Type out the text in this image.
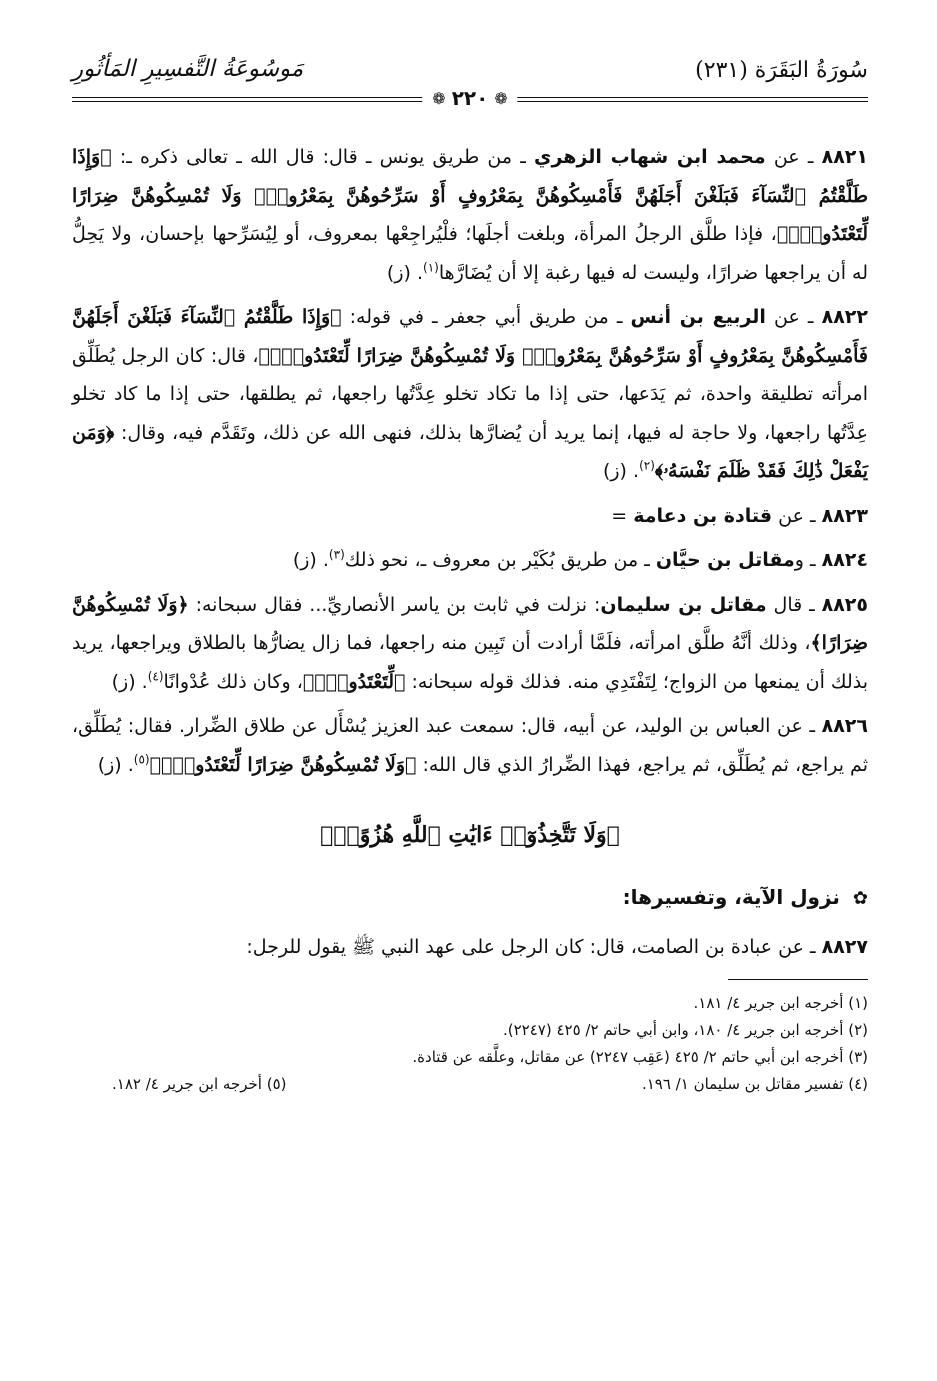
سُورَةُ البَقَرَة (٢٣١)
مَوسُوعَةُ التَّفسِيرِ المَأثُورِ
❁
٢٢٠
❁

٨٨٢١ ـ عن محمد ابن شهاب الزهري ـ من طريق يونس ـ قال: قال الله ـ تعالى ذكره ـ: ﴿وَإِذَا طَلَّقْتُمُ ٱلنِّسَآءَ فَبَلَغْنَ أَجَلَهُنَّ فَأَمْسِكُوهُنَّ بِمَعْرُوفٍ أَوْ سَرِّحُوهُنَّ بِمَعْرُوفٍۚ وَلَا تُمْسِكُوهُنَّ ضِرَارًا لِّتَعْتَدُوا۟ۚ﴾، فإذا طلَّق الرجلُ المرأة، وبلغت أجلَها؛ فلْيُراجِعْها بمعروف، أو لِيُسَرِّحها بإحسان، ولا يَحِلُّ له أن يراجعها ضرارًا، وليست له فيها رغبة إلا أن يُضَارَّها$^{(١)}$. (ز)

٨٨٢٢ ـ عن الربيع بن أنس ـ من طريق أبي جعفر ـ في قوله: ﴿وَإِذَا طَلَّقْتُمُ ٱلنِّسَآءَ فَبَلَغْنَ أَجَلَهُنَّ فَأَمْسِكُوهُنَّ بِمَعْرُوفٍ أَوْ سَرِّحُوهُنَّ بِمَعْرُوفٍۚ وَلَا تُمْسِكُوهُنَّ ضِرَارًا لِّتَعْتَدُوا۟ۚ﴾، قال: كان الرجل يُطَلِّق امرأته تطليقة واحدة، ثم يَدَعها، حتى إذا ما تكاد تخلو عِدَّتُها راجعها، ثم يطلقها، حتى إذا ما كاد تخلو عِدَّتُها راجعها، ولا حاجة له فيها، إنما يريد أن يُضارَّها بذلك، فنهى الله عن ذلك، وتَقَدَّم فيه، وقال: ﴿وَمَن يَفْعَلْ ذَٰلِكَ فَقَدْ ظَلَمَ نَفْسَهُۥ﴾$^{(٢)}$. (ز)

٨٨٢٣ ـ عن قتادة بن دعامة =

٨٨٢٤ ـ ومقاتل بن حيَّان ـ من طريق بُكَيْر بن معروف ـ، نحو ذلك$^{(٣)}$. (ز)

٨٨٢٥ ـ قال مقاتل بن سليمان: نزلت في ثابت بن ياسر الأنصاريِّ... فقال سبحانه: ﴿وَلَا تُمْسِكُوهُنَّ ضِرَارًا﴾، وذلك أنَّهُ طلَّق امرأته، فلَمَّا أرادت أن تَبِين منه راجعها، فما زال يضارُّها بالطلاق ويراجعها، يريد بذلك أن يمنعها من الزواج؛ لِتَفْتَدِي منه. فذلك قوله سبحانه: ﴿لِّتَعْتَدُوا۟ۚ﴾، وكان ذلك عُدْوانًا$^{(٤)}$. (ز)

٨٨٢٦ ـ عن العباس بن الوليد، عن أبيه، قال: سمعت عبد العزيز يُسْأَل عن طلاق الضِّرار. فقال: يُطَلِّق، ثم يراجع، ثم يُطَلِّق، ثم يراجع، فهذا الضِّرارُ الذي قال الله: ﴿وَلَا تُمْسِكُوهُنَّ ضِرَارًا لِّتَعْتَدُوا۟ۚ﴾$^{(٥)}$. (ز)

﴿وَلَا تَتَّخِذُوٓا۟ ءَايَٰتِ ٱللَّهِ هُزُوًاۚ﴾
✿ نزول الآية، وتفسيرها:

٨٨٢٧ ـ عن عبادة بن الصامت، قال: كان الرجل على عهد النبي ﷺ يقول للرجل:

(١) أخرجه ابن جرير ٤/ ١٨١.
(٢) أخرجه ابن جرير ٤/ ١٨٠، وابن أبي حاتم ٢/ ٤٢٥ (٢٢٤٧).
(٣) أخرجه ابن أبي حاتم ٢/ ٤٢٥ (عَقِب ٢٢٤٧) عن مقاتل، وعلَّقه عن قتادة.
(٤) تفسير مقاتل بن سليمان ١/ ١٩٦.
(٥) أخرجه ابن جرير ٤/ ١٨٢.
